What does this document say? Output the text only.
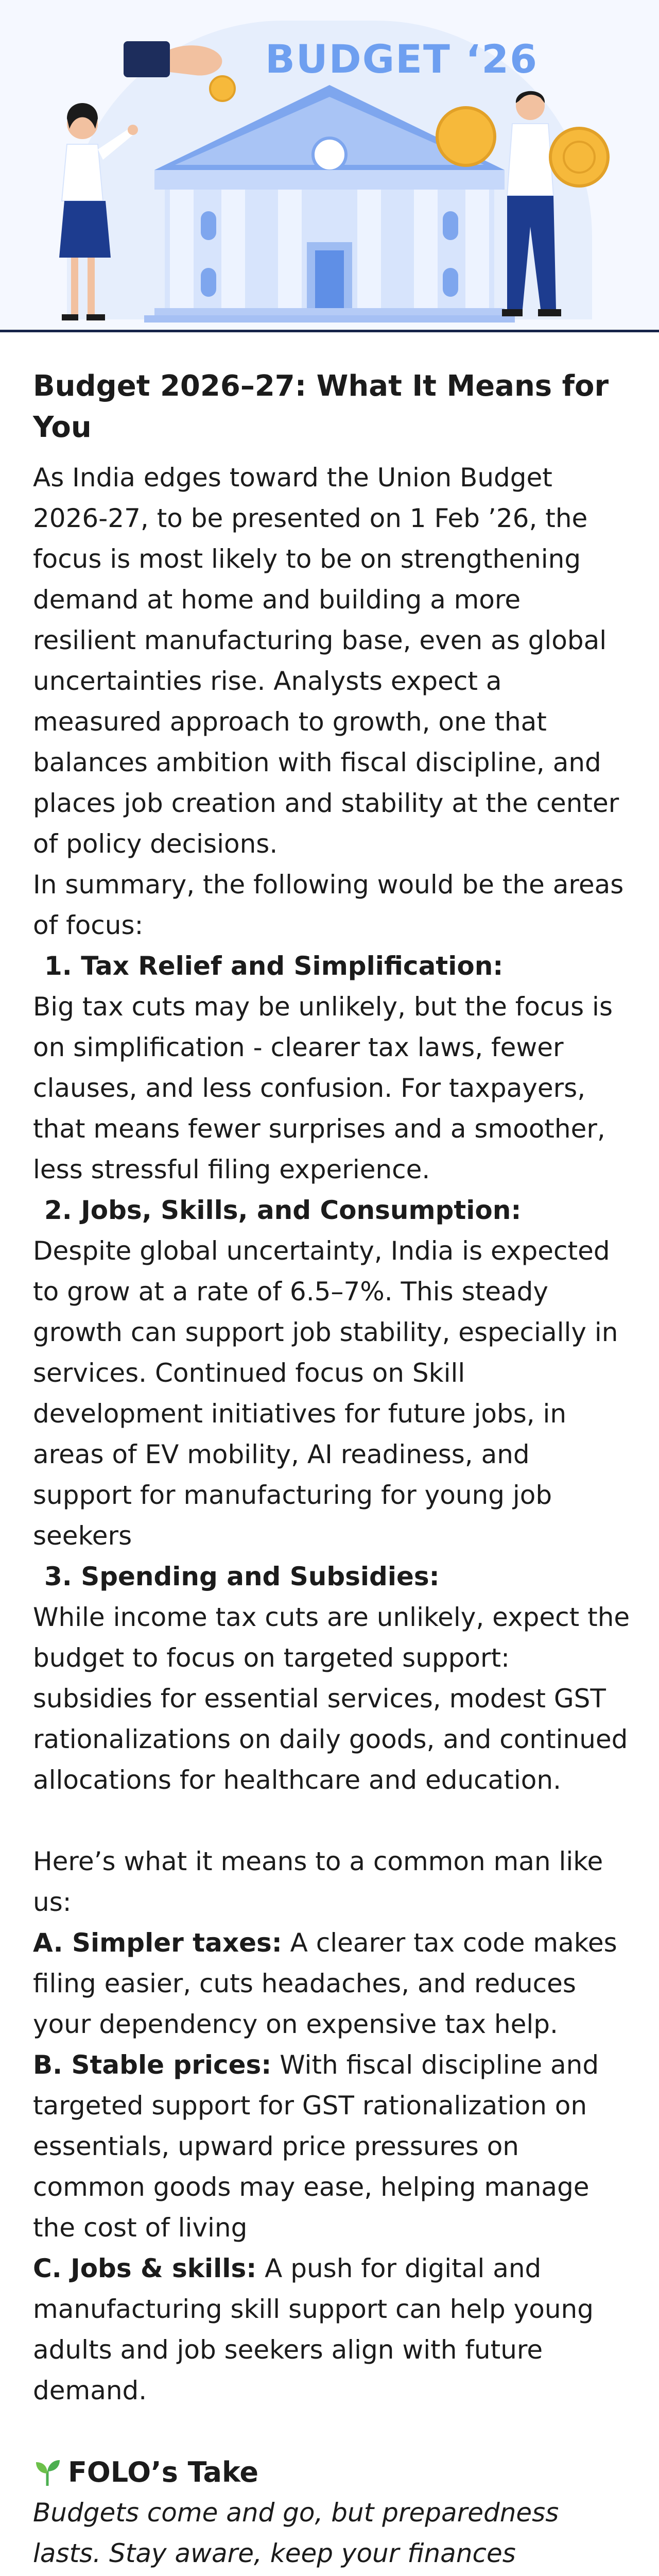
BUDGET ‘26
Budget 2026–27: What It Means for You

As India edges toward the Union Budget 2026-27, to be presented on 1 Feb ’26, the focus is most likely to be on strengthening demand at home and building a more resilient manufacturing base, even as global uncertainties rise. Analysts expect a measured approach to growth, one that balances ambition with fiscal discipline, and places job creation and stability at the center of policy decisions.

In summary, the following would be the areas of focus:

1. Tax Relief and Simplification:

Big tax cuts may be unlikely, but the focus is on simplification - clearer tax laws, fewer clauses, and less confusion. For taxpayers, that means fewer surprises and a smoother, less stressful filing experience.

2. Jobs, Skills, and Consumption:

Despite global uncertainty, India is expected to grow at a rate of 6.5–7%. This steady growth can support job stability, especially in services. Continued focus on Skill development initiatives for future jobs, in areas of EV mobility, AI readiness, and support for manufacturing for young job seekers

3. Spending and Subsidies:

While income tax cuts are unlikely, expect the budget to focus on targeted support: subsidies for essential services, modest GST rationalizations on daily goods, and continued allocations for healthcare and education.

Here’s what it means to a common man like us:

A. Simpler taxes: A clearer tax code makes filing easier, cuts headaches, and reduces your dependency on expensive tax help.

B. Stable prices: With fiscal discipline and targeted support for GST rationalization on essentials, upward price pressures on common goods may ease, helping manage the cost of living

C. Jobs & skills: A push for digital and manufacturing skill support can help young adults and job seekers align with future demand.

FOLO’s Take

Budgets come and go, but preparedness lasts. Stay aware, keep your finances
